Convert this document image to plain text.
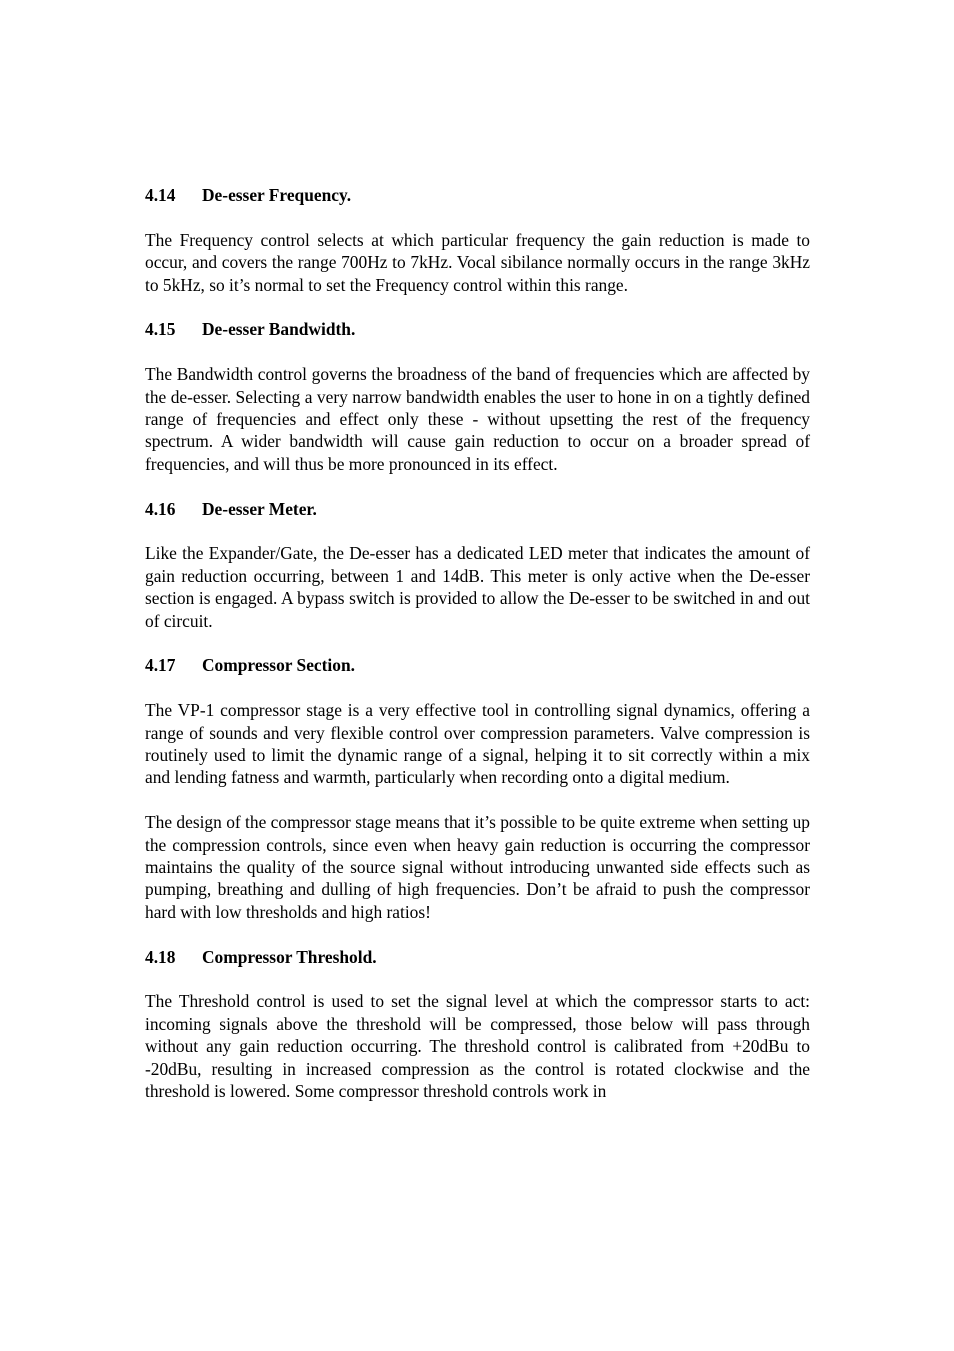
4.14 De-esser Frequency.

The Frequency control selects at which particular frequency the gain reduction is made to occur, and covers the range 700Hz to 7kHz. Vocal sibilance normally occurs in the range 3kHz to 5kHz, so it’s normal to set the Frequency control within this range.

4.15 De-esser Bandwidth.

The Bandwidth control governs the broadness of the band of frequencies which are affected by the de-esser. Selecting a very narrow bandwidth enables the user to hone in on a tightly defined range of frequencies and effect only these - without upsetting the rest of the frequency spectrum. A wider bandwidth will cause gain reduction to occur on a broader spread of frequencies, and will thus be more pronounced in its effect.

4.16 De-esser Meter.

Like the Expander/Gate, the De-esser has a dedicated LED meter that indicates the amount of gain reduction occurring, between 1 and 14dB. This meter is only active when the De-esser section is engaged. A bypass switch is provided to allow the De-esser to be switched in and out of circuit.

4.17 Compressor Section.

The VP-1 compressor stage is a very effective tool in controlling signal dynamics, offering a range of sounds and very flexible control over compression parameters. Valve compression is routinely used to limit the dynamic range of a signal, helping it to sit correctly within a mix and lending fatness and warmth, particularly when recording onto a digital medium.

The design of the compressor stage means that it’s possible to be quite extreme when setting up the compression controls, since even when heavy gain reduction is occurring the compressor maintains the quality of the source signal without introducing unwanted side effects such as pumping, breathing and dulling of high frequencies. Don’t be afraid to push the compressor hard with low thresholds and high ratios!

4.18 Compressor Threshold.

The Threshold control is used to set the signal level at which the compressor starts to act: incoming signals above the threshold will be compressed, those below will pass through without any gain reduction occurring. The threshold control is calibrated from +20dBu to -20dBu, resulting in increased compression as the control is rotated clockwise and the threshold is lowered. Some compressor threshold controls work in
